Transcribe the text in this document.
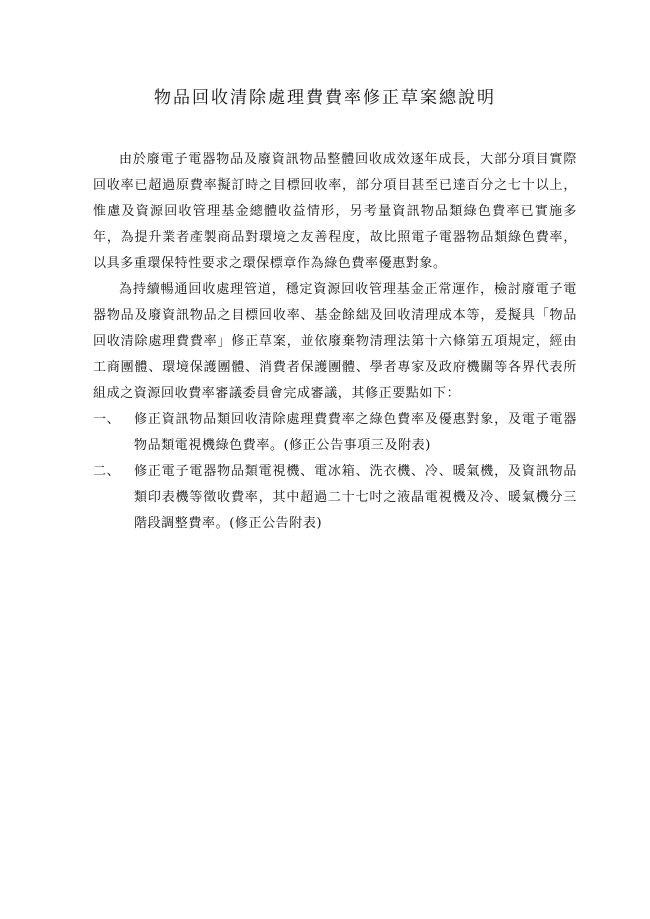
物品回收清除處理費費率修正草案總說明

由於廢電子電器物品及廢資訊物品整體回收成效逐年成長，大部分項目實際回收率已超過原費率擬訂時之目標回收率，部分項目甚至已達百分之七十以上，惟慮及資源回收管理基金總體收益情形，另考量資訊物品類綠色費率已實施多年，為提升業者產製商品對環境之友善程度，故比照電子電器物品類綠色費率，以具多重環保特性要求之環保標章作為綠色費率優惠對象。

為持續暢通回收處理管道，穩定資源回收管理基金正常運作，檢討廢電子電器物品及廢資訊物品之目標回收率、基金餘絀及回收清理成本等，爰擬具「物品回收清除處理費費率」修正草案，並依廢棄物清理法第十六條第五項規定，經由工商團體、環境保護團體、消費者保護團體、學者專家及政府機關等各界代表所組成之資源回收費率審議委員會完成審議，其修正要點如下：

一、 修正資訊物品類回收清除處理費費率之綠色費率及優惠對象，及電子電器物品類電視機綠色費率。(修正公告事項三及附表)
二、 修正電子電器物品類電視機、電冰箱、洗衣機、冷、暖氣機，及資訊物品類印表機等徵收費率，其中超過二十七吋之液晶電視機及冷、暖氣機分三階段調整費率。(修正公告附表)
